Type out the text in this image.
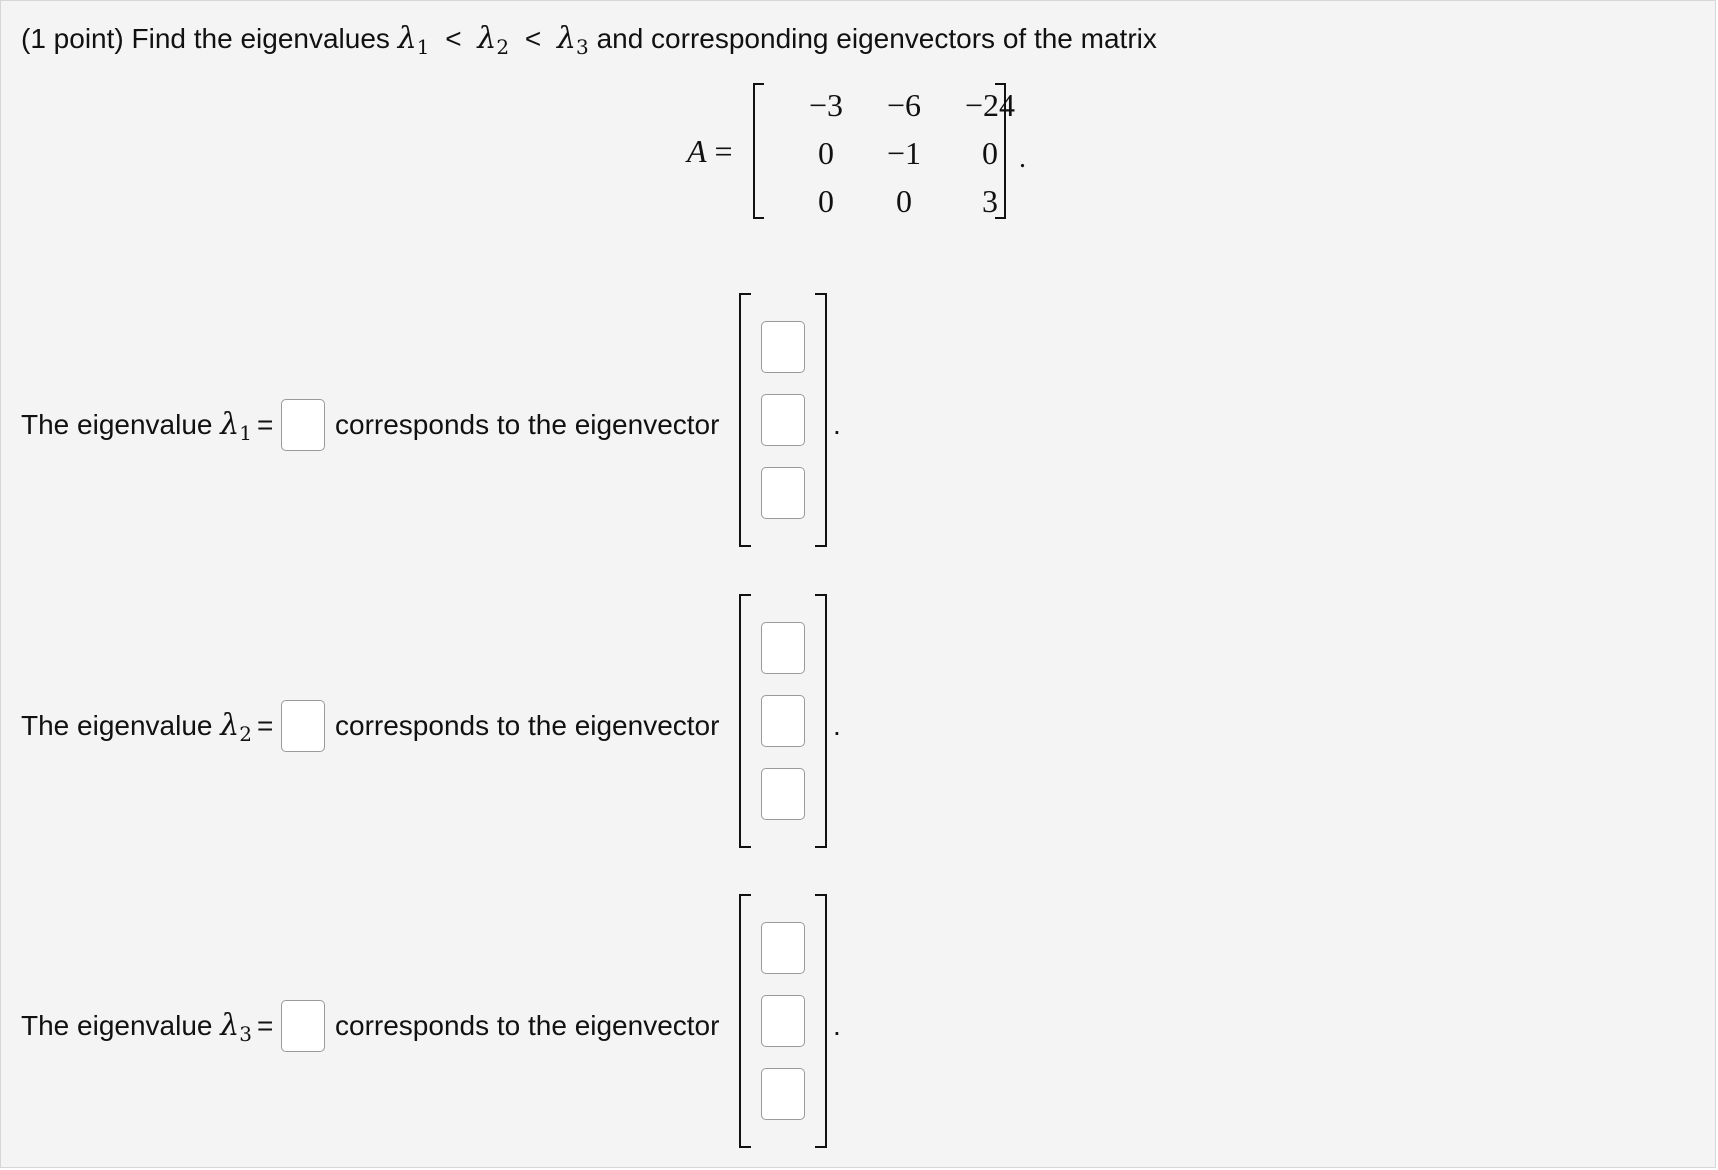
(1 point) Find the eigenvalues $\lambda_1 < \lambda_2 < \lambda_3$ and corresponding eigenvectors of the matrix
A =
−3	−6	−24
0	−1	0
0	0	3
.
The eigenvalue $\lambda_1$ = corresponds to the eigenvector	.
The eigenvalue $\lambda_2$ = corresponds to the eigenvector	.
The eigenvalue $\lambda_3$ = corresponds to the eigenvector	.
